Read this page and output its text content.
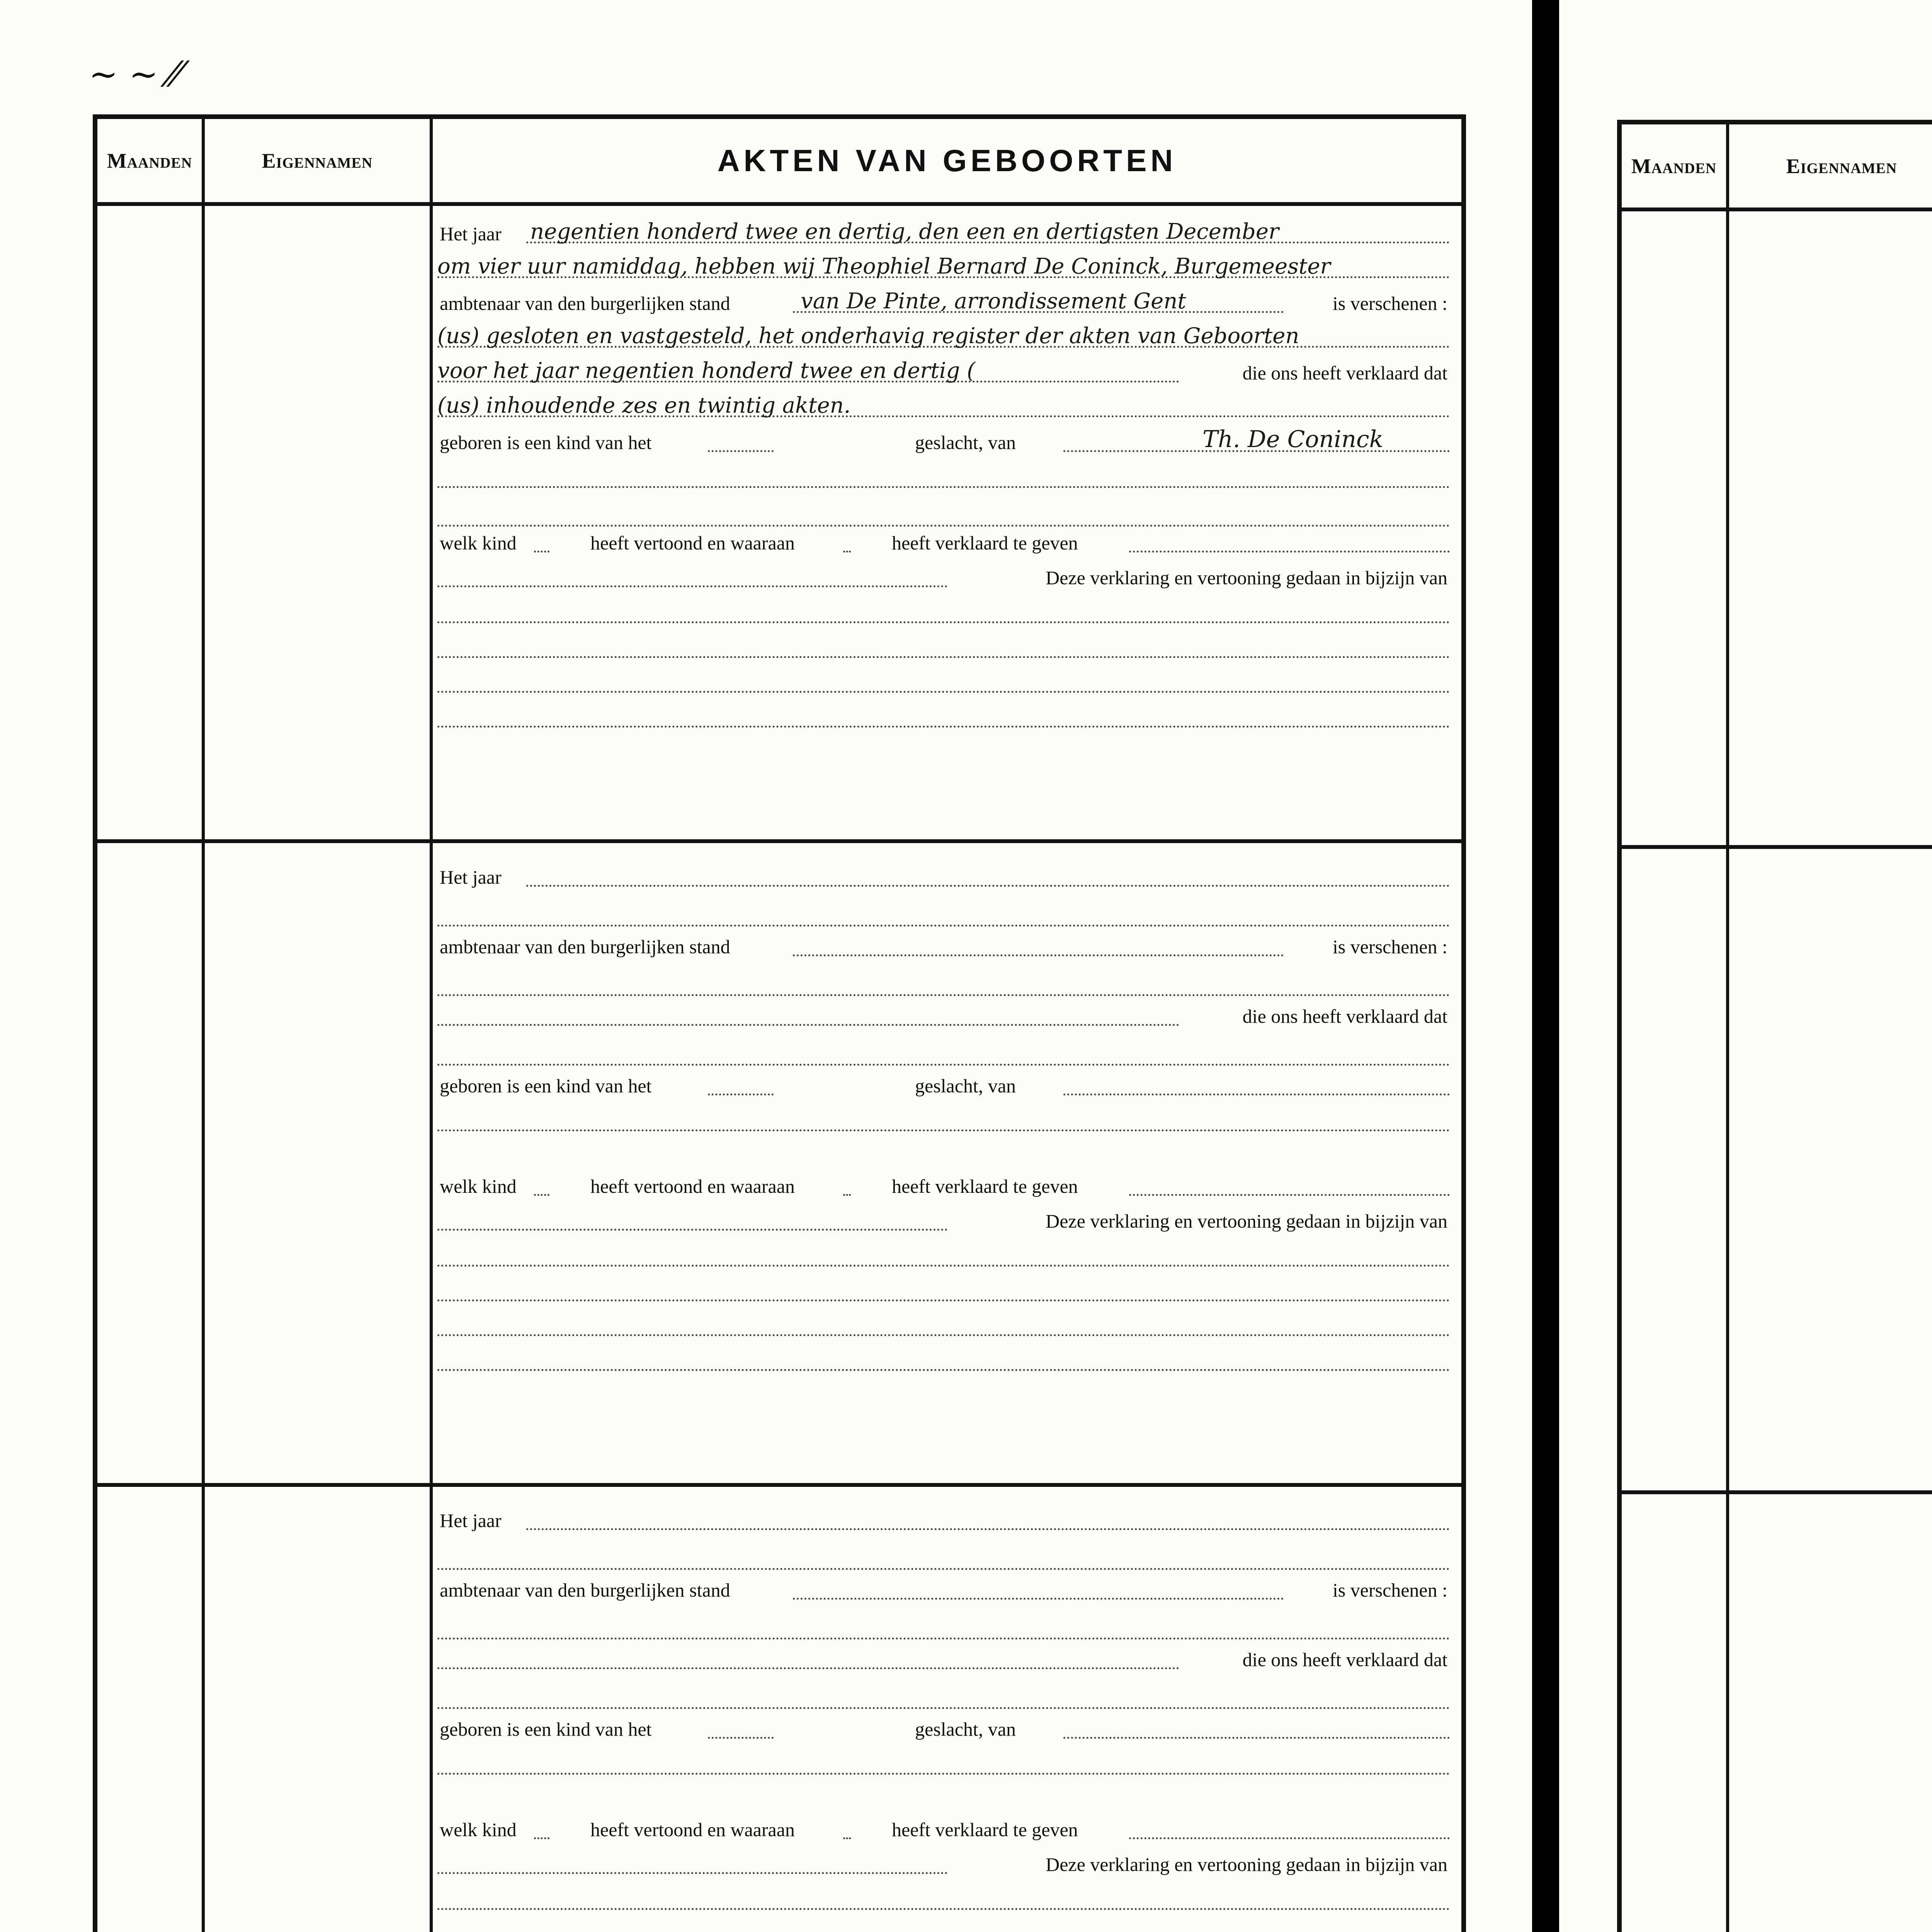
~ ~ ⁄⁄
Maanden	Eigennamen	AKTEN VAN GEBOORTEN
Het jaar negentien honderd twee en dertig, den een en dertigsten December
om vier uur namiddag, hebben wij Theophiel Bernard De Coninck, Burgemeester
ambtenaar van den burgerlijken stand	van De Pinte, arrondissement Gent	is verschenen :
(us) gesloten en vastgesteld, het onderhavig register der akten van Geboorten
voor het jaar negentien honderd twee en dertig (	die ons heeft verklaard dat
(us) inhoudende zes en twintig akten.
geboren is een kind van het	geslacht, van	Th. De Coninck
welk kind	heeft vertoond en waaraan	heeft verklaard te geven
Deze verklaring en vertooning gedaan in bijzijn van
Het jaar
ambtenaar van den burgerlijken stand	is verschenen :
die ons heeft verklaard dat
geboren is een kind van het	geslacht, van
welk kind	heeft vertoond en waaraan	heeft verklaard te geven
Deze verklaring en vertooning gedaan in bijzijn van
Het jaar
ambtenaar van den burgerlijken stand	is verschenen :
die ons heeft verklaard dat
geboren is een kind van het	geslacht, van
welk kind	heeft vertoond en waaraan	heeft verklaard te geven
Deze verklaring en vertooning gedaan in bijzijn van
Maanden	Eigennamen
